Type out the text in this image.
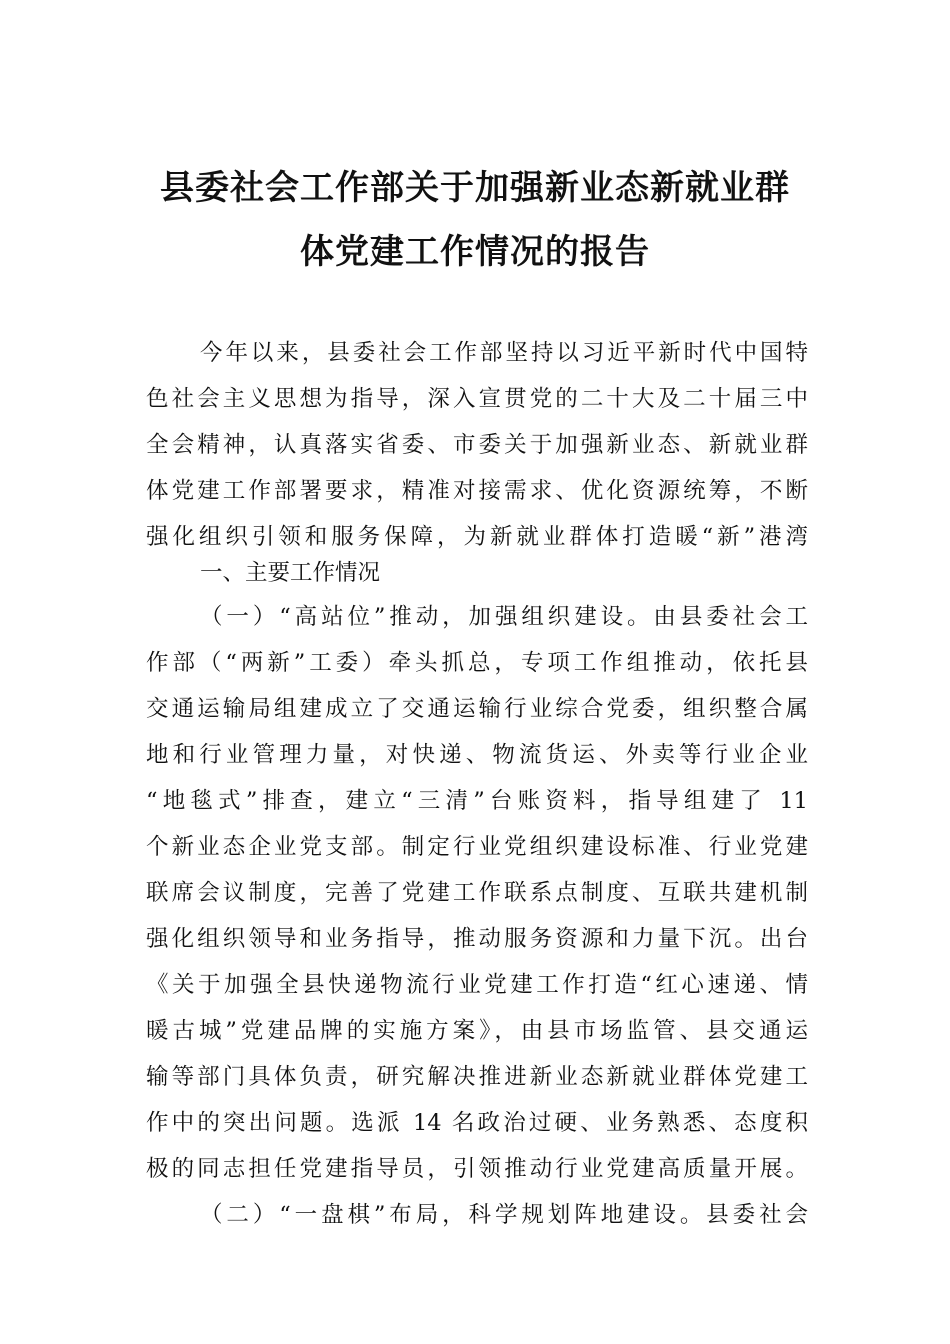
县委社会工作部关于加强新业态新就业群
体党建工作情况的报告
今年以来，县委社会工作部坚持以习近平新时代中国特
色社会主义思想为指导，深入宣贯党的二十大及二十届三中
全会精神，认真落实省委、市委关于加强新业态、新就业群
体党建工作部署要求，精准对接需求、优化资源统筹，不断
强化组织引领和服务保障，为新就业群体打造暖“新”港湾
一、主要工作情况
（一）“高站位”推动，加强组织建设。由县委社会工
作部（“两新”工委）牵头抓总，专项工作组推动，依托县
交通运输局组建成立了交通运输行业综合党委，组织整合属
地和行业管理力量，对快递、物流货运、外卖等行业企业
“地毯式”排查，建立“三清”台账资料，指导组建了 11
个新业态企业党支部。制定行业党组织建设标准、行业党建
联席会议制度，完善了党建工作联系点制度、互联共建机制
强化组织领导和业务指导，推动服务资源和力量下沉。出台
《关于加强全县快递物流行业党建工作打造“红心速递、情
暖古城”党建品牌的实施方案》，由县市场监管、县交通运
输等部门具体负责，研究解决推进新业态新就业群体党建工
作中的突出问题。选派 14 名政治过硬、业务熟悉、态度积
极的同志担任党建指导员，引领推动行业党建高质量开展。
（二）“一盘棋”布局，科学规划阵地建设。县委社会
